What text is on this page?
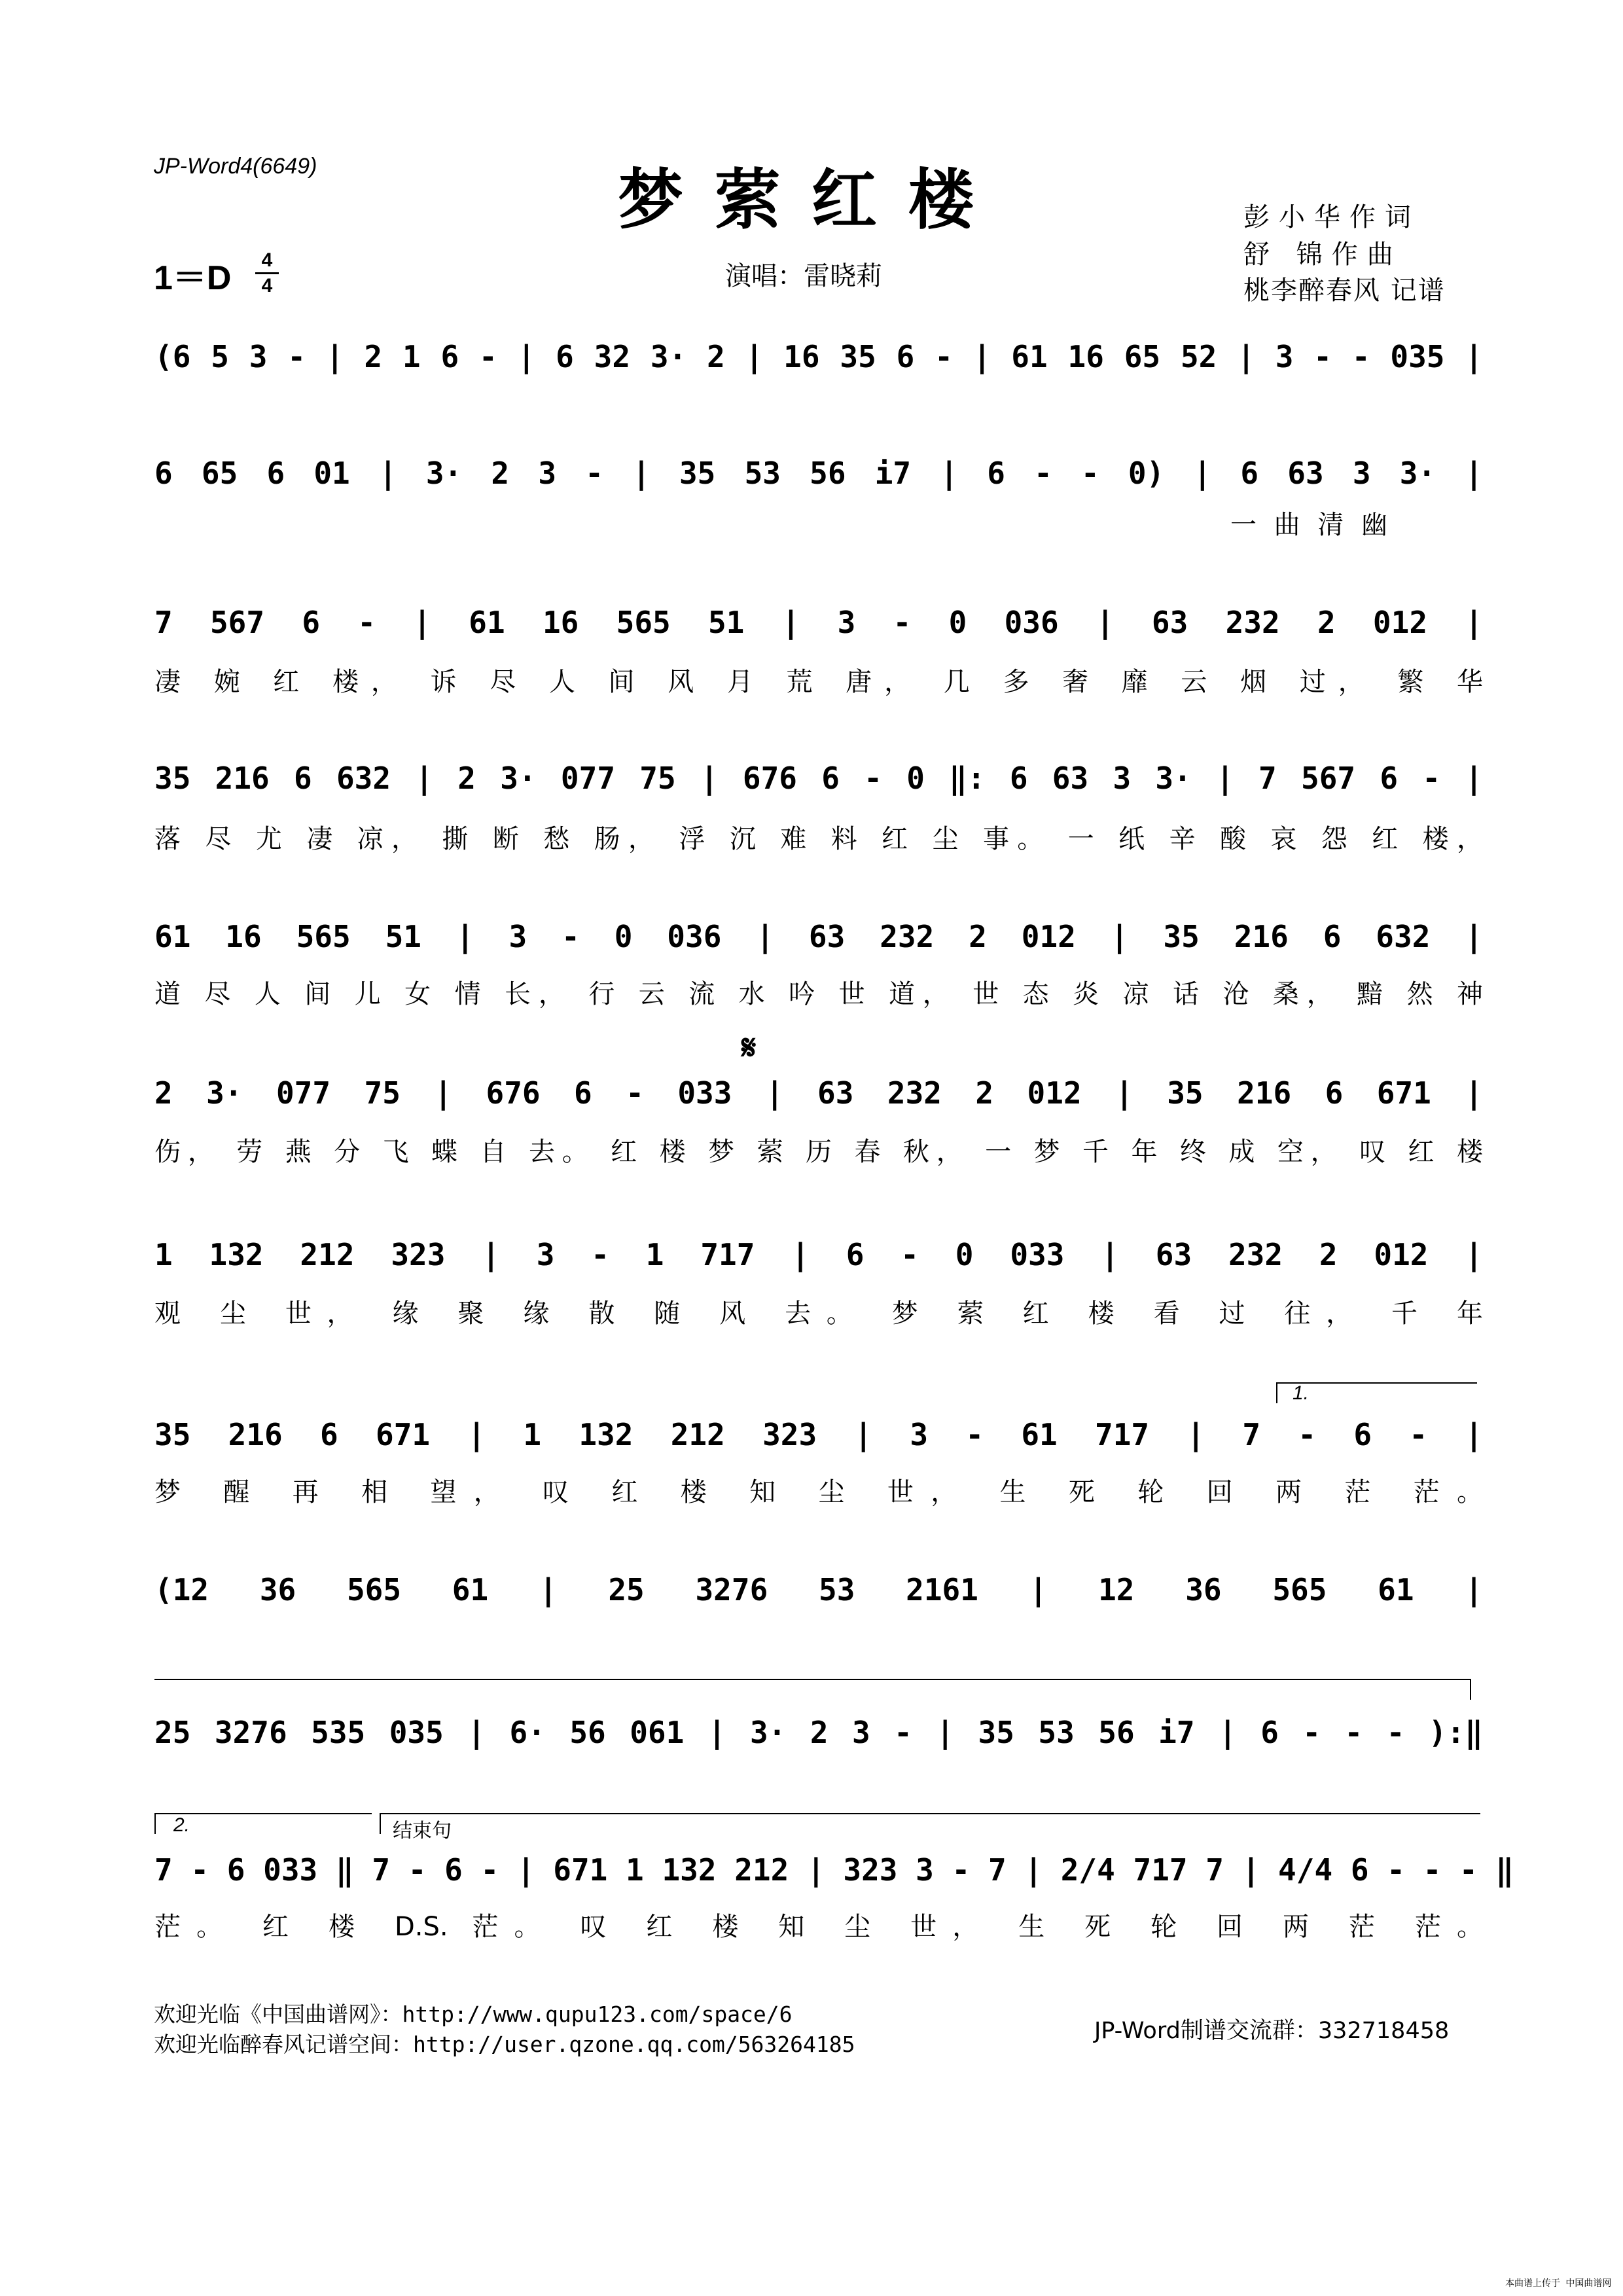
JP-Word4(6649)	梦萦红楼
1＝D	4
4	演唱：雷晓莉
彭小华作词
舒 锦作曲
桃李醉春风 记谱
(6 5 3 - | 2 1 6 - | 6 32 3· 2 | 16 35 6 - | 61 16 65 52 | 3 - - 035 |
6 65 6 01 | 3· 2 3 - | 35 53 56 i7 | 6 - - 0) | 6 63 3 3· |
一 曲 清 幽
7 567 6 - | 61 16 565 51 | 3 - 0 036 | 63 232 2 012 |
凄 婉 红 楼， 诉 尽 人 间 风 月 荒 唐， 几 多 奢 靡 云 烟 过， 繁 华
35 216 6 632 | 2 3· 077 75 | 676 6 - 0 ‖: 6 63 3 3· | 7 567 6 - |
落 尽 尤 凄 凉， 撕 断 愁 肠， 浮 沉 难 料 红 尘 事。 一 纸 辛 酸 哀 怨 红 楼，
61 16 565 51 | 3 - 0 036 | 63 232 2 012 | 35 216 6 632 |
道 尽 人 间 儿 女 情 长， 行 云 流 水 吟 世 道， 世 态 炎 凉 话 沧 桑， 黯 然 神
𝄋
2 3· 077 75 | 676 6 - 033 | 63 232 2 012 | 35 216 6 671 |
伤， 劳 燕 分 飞 蝶 自 去。 红 楼 梦 萦 历 春 秋， 一 梦 千 年 终 成 空， 叹 红 楼
1 132 212 323 | 3 - 1 717 | 6 - 0 033 | 63 232 2 012 |
观 尘 世， 缘 聚 缘 散 随 风 去。 梦 萦 红 楼 看 过 往， 千 年
1.
35 216 6 671 | 1 132 212 323 | 3 - 61 717 | 7 - 6 - |
梦 醒 再 相 望， 叹 红 楼 知 尘 世， 生 死 轮 回 两 茫 茫。
(12 36 565 61 | 25 3276 53 2161 | 12 36 565 61 |
25 3276 535 035 | 6· 56 061 | 3· 2 3 - | 35 53 56 i7 | 6 - - - ):‖
2.	结束句
7 - 6 033 ‖ 7 - 6 - | 671 1 132 212 | 323 3 - 7 | 2/4 717 7 | 4/4 6 - - - ‖
茫。 红 楼 D.S. 茫。 叹 红 楼 知 尘 世， 生 死 轮 回 两 茫 茫。
欢迎光临《中国曲谱网》：http://www.qupu123.com/space/6
欢迎光临醉春风记谱空间：http://user.qzone.qq.com/563264185
JP-Word制谱交流群：332718458
本曲谱上传于 中国曲谱网
